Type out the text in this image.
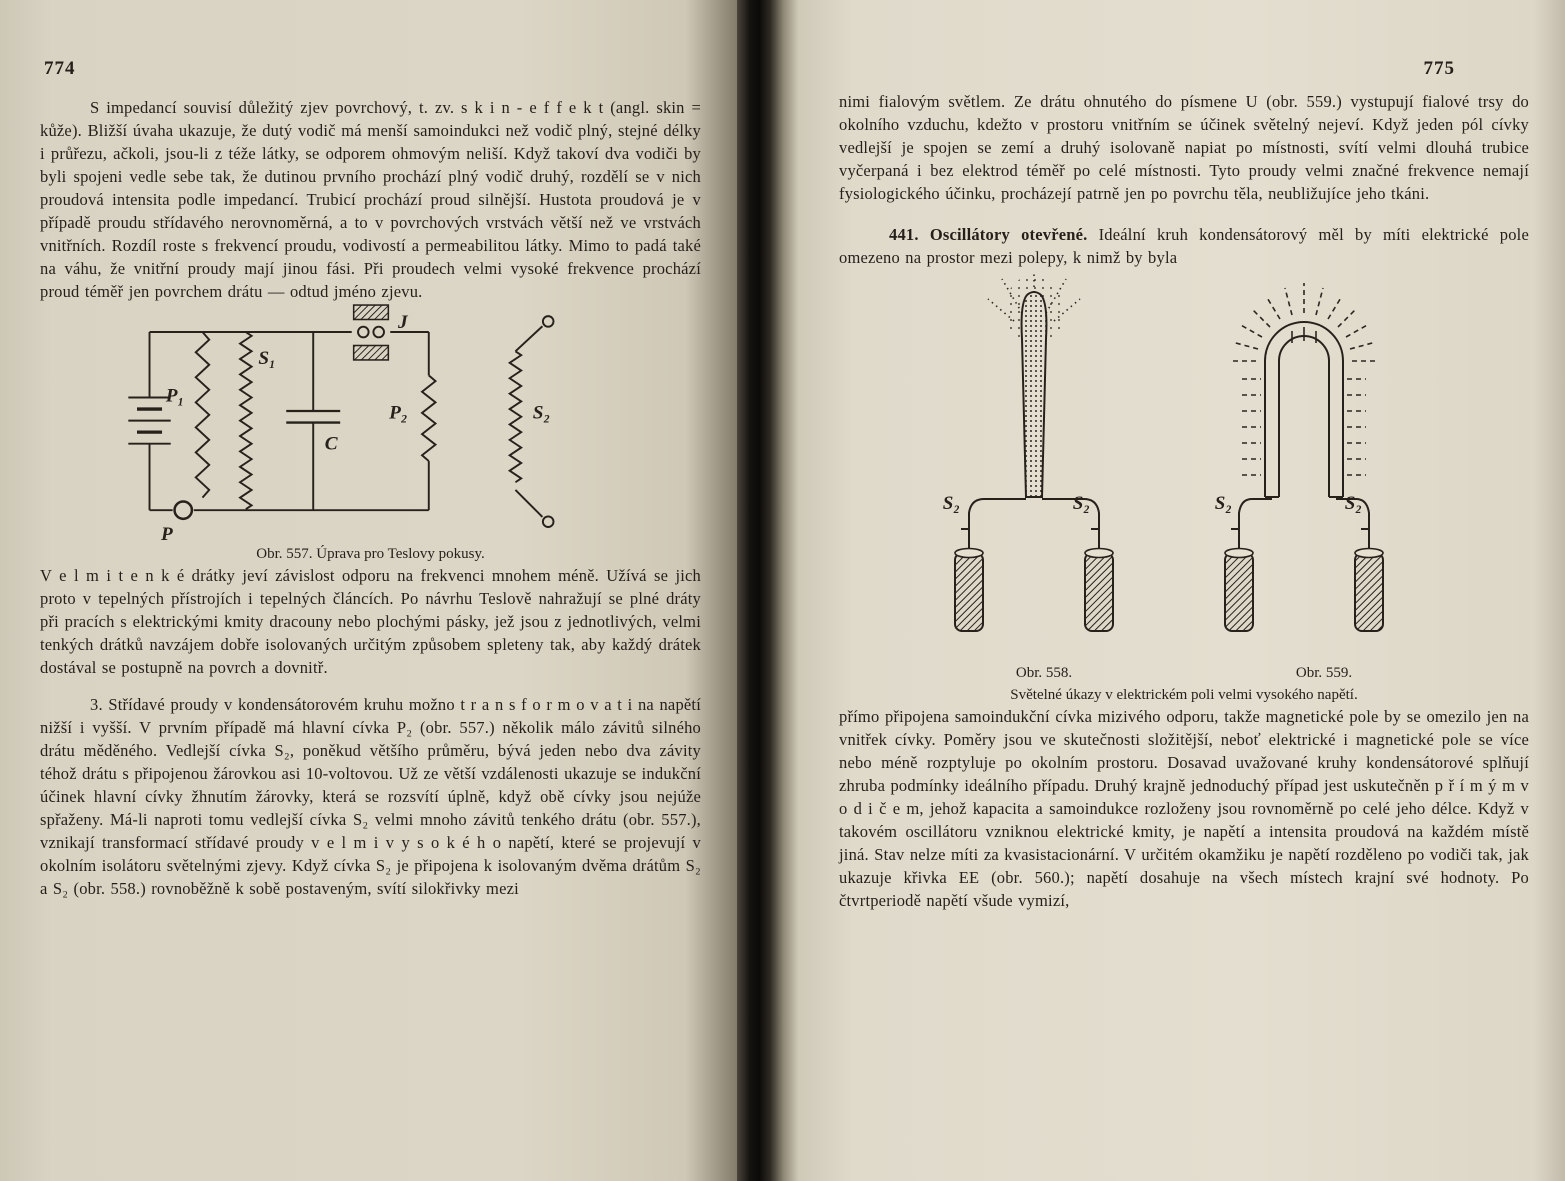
774

S impedancí souvisí důležitý zjev povrchový, t. zv. s k i n - e f f e k t (angl. skin = kůže). Bližší úvaha ukazuje, že dutý vodič má menší samoindukci než vodič plný, stejné délky i průřezu, ačkoli, jsou-li z téže látky, se odporem ohmovým neliší. Když takoví dva vodiči by byli spojeni vedle sebe tak, že dutinou prvního prochází plný vodič druhý, rozdělí se v nich proudová intensita podle impedancí. Trubicí prochází proud silnější. Hustota proudová je v případě proudu střídavého nerovnoměrná, a to v povrchových vrstvách větší než ve vrstvách vnitřních. Rozdíl roste s frekvencí proudu, vodivostí a permeabilitou látky. Mimo to padá také na váhu, že vnitřní proudy mají jinou fási. Při proudech velmi vysoké frekvence prochází proud téměř jen povrchem drátu — odtud jméno zjevu.

P₁
S₁
J
C
P₂	S₂
P
Obr. 557. Úprava pro Teslovy pokusy.

V e l m i t e n k é drátky jeví závislost odporu na frekvenci mnohem méně. Užívá se jich proto v tepelných přístrojích i tepelných článcích. Po návrhu Teslově nahražují se plné dráty při pracích s elektrickými kmity dracouny nebo plochými pásky, jež jsou z jednotlivých, velmi tenkých drátků navzájem dobře isolovaných určitým způsobem spleteny tak, aby každý drátek dostával se postupně na povrch a dovnitř.

3. Střídavé proudy v kondensátorovém kruhu možno t r a n s f o r m o v a t i na napětí nižší i vyšší. V prvním případě má hlavní cívka P₂ (obr. 557.) několik málo závitů silného drátu měděného. Vedlejší cívka S₂, poněkud většího průměru, bývá jeden nebo dva závity téhož drátu s připojenou žárovkou asi 10-voltovou. Už ze větší vzdálenosti ukazuje se indukční účinek hlavní cívky žhnutím žárovky, která se rozsvítí úplně, když obě cívky jsou nejúže spřaženy. Má-li naproti tomu vedlejší cívka S₂ velmi mnoho závitů tenkého drátu (obr. 557.), vznikají transformací střídavé proudy v e l m i v y s o k é h o napětí, které se projevují v okolním isolátoru světelnými zjevy. Když cívka S₂ je připojena k isolovaným dvěma drátům S₂ a S₂ (obr. 558.) rovnoběžně k sobě postaveným, svítí silokřivky mezi

775

nimi fialovým světlem. Ze drátu ohnutého do písmene U (obr. 559.) vystupují fialové trsy do okolního vzduchu, kdežto v prostoru vnitřním se účinek světelný nejeví. Když jeden pól cívky vedlejší je spojen se zemí a druhý isolovaně napiat po místnosti, svítí velmi dlouhá trubice vyčerpaná i bez elektrod téměř po celé místnosti. Tyto proudy velmi značné frekvence nemají fysiologického účinku, procházejí patrně jen po povrchu těla, neubližujíce jeho tkáni.

441. Oscillátory otevřené. Ideální kruh kondensátorový měl by míti elektrické pole omezeno na prostor mezi polepy, k nimž by byla

S₂	S₂	S₂	S₂
Obr. 558.	Obr. 559.
Světelné úkazy v elektrickém poli velmi vysokého napětí.

přímo připojena samoindukční cívka mizivého odporu, takže magnetické pole by se omezilo jen na vnitřek cívky. Poměry jsou ve skutečnosti složitější, neboť elektrické i magnetické pole se více nebo méně rozptyluje po okolním prostoru. Dosavad uvažované kruhy kondensátorové splňují zhruba podmínky ideálního případu. Druhý krajně jednoduchý případ jest uskutečněn p ř í m ý m v o d i č e m, jehož kapacita a samoindukce rozloženy jsou rovnoměrně po celé jeho délce. Když v takovém oscillátoru vzniknou elektrické kmity, je napětí a intensita proudová na každém místě jiná. Stav nelze míti za kvasistacionární. V určitém okamžiku je napětí rozděleno po vodiči tak, jak ukazuje křivka EE (obr. 560.); napětí dosahuje na všech místech krajní své hodnoty. Po čtvrtperiodě napětí všude vymizí,
